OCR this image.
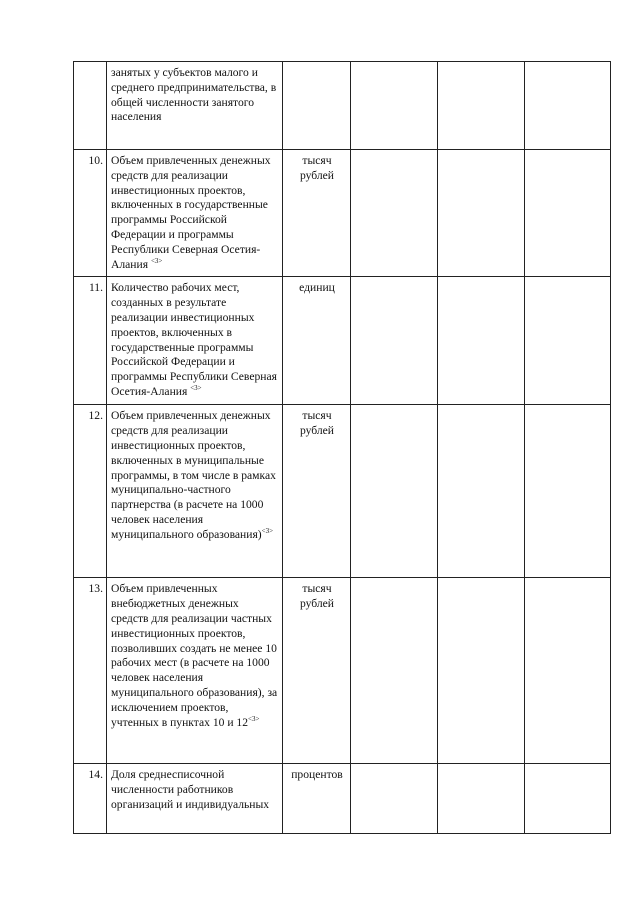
	занятых у субъектов малого и среднего предпринимательства, в общей численности занятого населения				
10.	Объем привлеченных денежных средств для реализации инвестиционных проектов, включенных в государственные программы Российской Федерации и программы Республики Северная Осетия-Алания $^{<3>}$	тысяч рублей			
11.	Количество рабочих мест, созданных в результате реализации инвестиционных проектов, включенных в государственные программы Российской Федерации и программы Республики Северная Осетия-Алания $^{<3>}$	единиц			
12.	Объем привлеченных денежных средств для реализации инвестиционных проектов, включенных в муниципальные программы, в том числе в рамках муниципально-частного партнерства (в расчете на 1000 человек населения муниципального образования)$^{<3>}$	тысяч рублей			
13.	Объем привлеченных внебюджетных денежных средств для реализации частных инвестиционных проектов, позволивших создать не менее 10 рабочих мест (в расчете на 1000 человек населения муниципального образования), за исключением проектов, учтенных в пунктах 10 и 12$^{<3>}$	тысяч рублей			
14.	Доля среднесписочной численности работников организаций и индивидуальных	процентов			
